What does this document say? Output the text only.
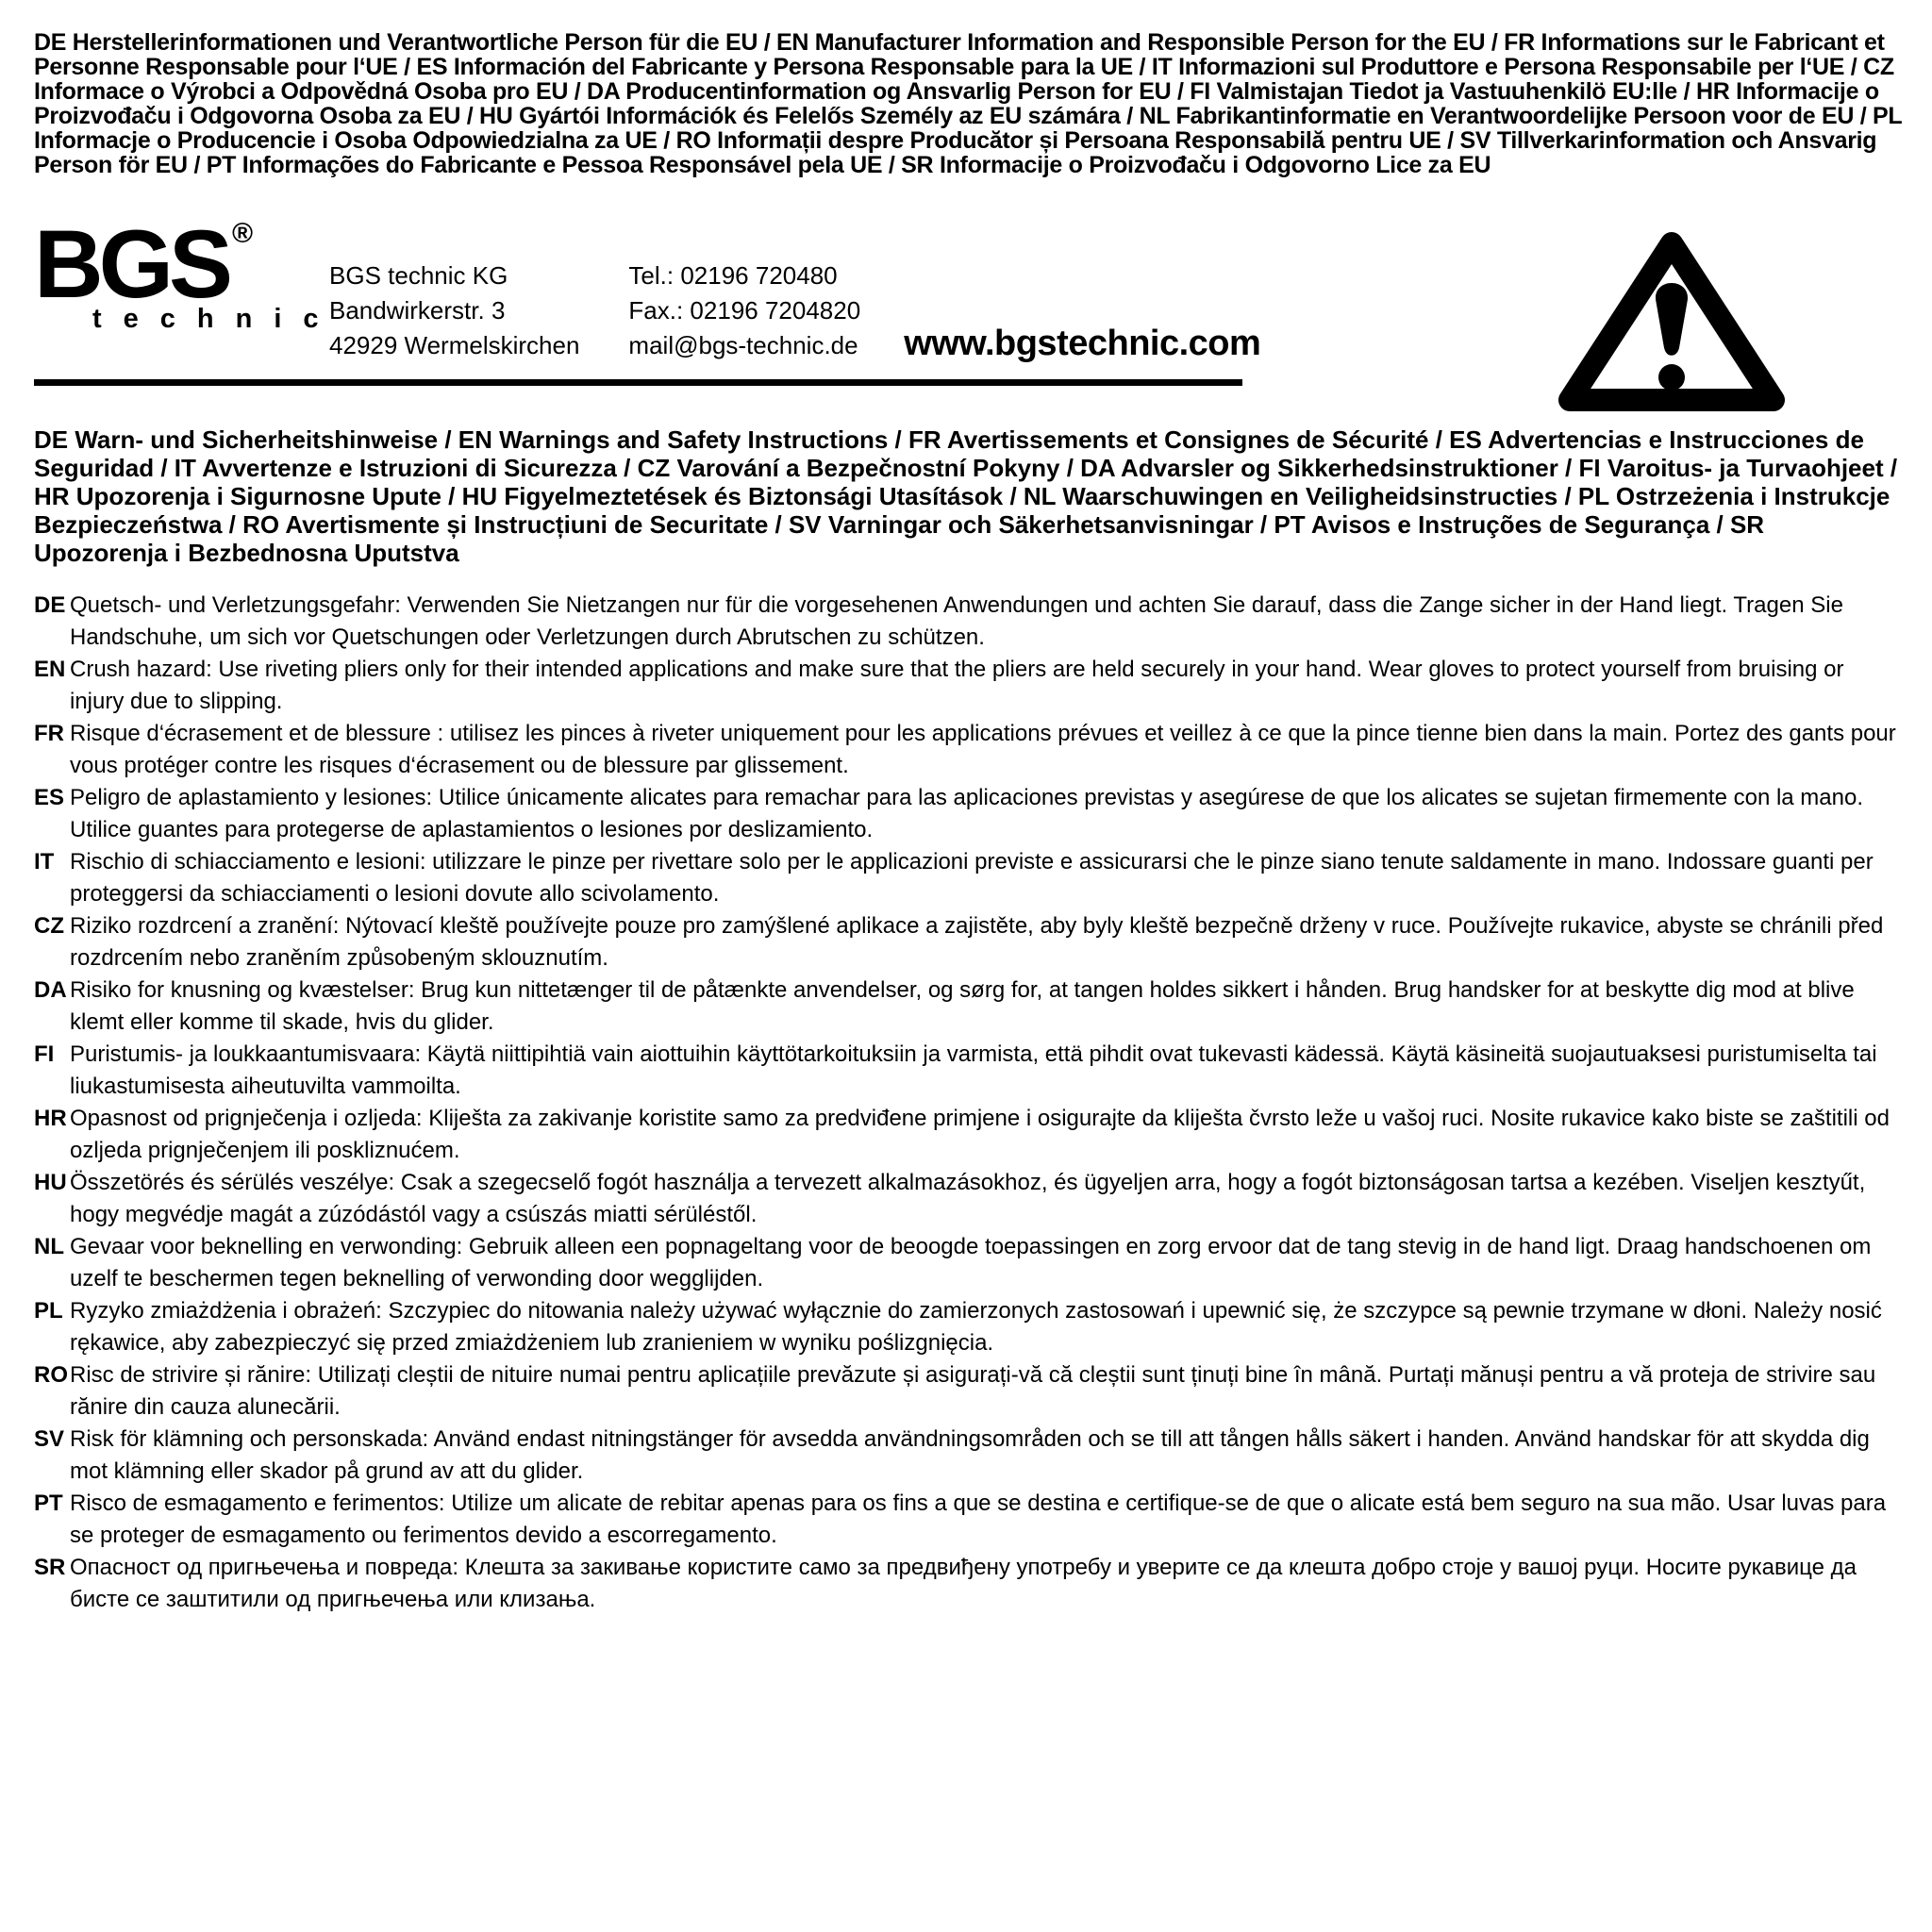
DE Herstellerinformationen und Verantwortliche Person für die EU / EN Manufacturer Information and Responsible Person for the EU / FR Informations sur le Fabricant et Personne Responsable pour l‘UE / ES Información del Fabricante y Persona Responsable para la UE / IT Informazioni sul Produttore e Persona Responsabile per l‘UE / CZ Informace o Výrobci a Odpovědná Osoba pro EU / DA Producentinformation og Ansvarlig Person for EU / FI Valmistajan Tiedot ja Vastuuhenkilö EU:lle / HR Informacije o Proizvođaču i Odgovorna Osoba za EU / HU Gyártói Információk és Felelős Személy az EU számára / NL Fabrikantinformatie en Verantwoordelijke Persoon voor de EU / PL Informacje o Producencie i Osoba Odpowiedzialna za UE / RO Informații despre Producător și Persoana Responsabilă pentru UE / SV Tillverkarinformation och Ansvarig Person för EU / PT Informações do Fabricante e Pessoa Responsável pela UE / SR Informacije o Proizvođaču i Odgovorno Lice za EU
BGS ®
technic
BGS technic KG
Bandwirkerstr. 3
42929 Wermelskirchen
Tel.: 02196 720480
Fax.: 02196 7204820
mail@bgs-technic.de www.bgstechnic.com
DE Warn- und Sicherheitshinweise / EN Warnings and Safety Instructions / FR Avertissements et Consignes de Sécurité / ES Advertencias e Instrucciones de Seguridad / IT Avvertenze e Istruzioni di Sicurezza / CZ Varování a Bezpečnostní Pokyny / DA Advarsler og Sikkerhedsinstruktioner / FI Varoitus- ja Turvaohjeet / HR Upozorenja i Sigurnosne Upute / HU Figyelmeztetések és Biztonsági Utasítások / NL Waarschuwingen en Veiligheidsinstructies / PL Ostrzeżenia i Instrukcje Bezpieczeństwa / RO Avertismente și Instrucțiuni de Securitate / SV Varningar och Säkerhetsanvisningar / PT Avisos e Instruções de Segurança / SR Upozorenja i Bezbednosna Uputstva
DE Quetsch- und Verletzungsgefahr: Verwenden Sie Nietzangen nur für die vorgesehenen Anwendungen und achten Sie darauf, dass die Zange sicher in der Hand liegt. Tragen Sie Handschuhe, um sich vor Quetschungen oder Verletzungen durch Abrutschen zu schützen.

EN Crush hazard: Use riveting pliers only for their intended applications and make sure that the pliers are held securely in your hand. Wear gloves to protect yourself from bruising or injury due to slipping.

FR Risque d‘écrasement et de blessure : utilisez les pinces à riveter uniquement pour les applications prévues et veillez à ce que la pince tienne bien dans la main. Portez des gants pour vous protéger contre les risques d‘écrasement ou de blessure par glissement.

ES Peligro de aplastamiento y lesiones: Utilice únicamente alicates para remachar para las aplicaciones previstas y asegúrese de que los alicates se sujetan firmemente con la mano. Utilice guantes para protegerse de aplastamientos o lesiones por deslizamiento.

IT Rischio di schiacciamento e lesioni: utilizzare le pinze per rivettare solo per le applicazioni previste e assicurarsi che le pinze siano tenute saldamente in mano. Indossare guanti per proteggersi da schiacciamenti o lesioni dovute allo scivolamento.

CZ Riziko rozdrcení a zranění: Nýtovací kleště používejte pouze pro zamýšlené aplikace a zajistěte, aby byly kleště bezpečně drženy v ruce. Používejte rukavice, abyste se chránili před rozdrcením nebo zraněním způsobeným sklouznutím.

DA Risiko for knusning og kvæstelser: Brug kun nittetænger til de påtænkte anvendelser, og sørg for, at tangen holdes sikkert i hånden. Brug handsker for at beskytte dig mod at blive klemt eller komme til skade, hvis du glider.

FI Puristumis- ja loukkaantumisvaara: Käytä niittipihtiä vain aiottuihin käyttötarkoituksiin ja varmista, että pihdit ovat tukevasti kädessä. Käytä käsineitä suojautuaksesi puristumiselta tai liukastumisesta aiheutuvilta vammoilta.

HR Opasnost od prignječenja i ozljeda: Kliješta za zakivanje koristite samo za predviđene primjene i osigurajte da kliješta čvrsto leže u vašoj ruci. Nosite rukavice kako biste se zaštitili od ozljeda prignječenjem ili poskliznućem.

HU Összetörés és sérülés veszélye: Csak a szegecselő fogót használja a tervezett alkalmazásokhoz, és ügyeljen arra, hogy a fogót biztonságosan tartsa a kezében. Viseljen kesztyűt, hogy megvédje magát a zúzódástól vagy a csúszás miatti sérüléstől.

NL Gevaar voor beknelling en verwonding: Gebruik alleen een popnageltang voor de beoogde toepassingen en zorg ervoor dat de tang stevig in de hand ligt. Draag handschoenen om uzelf te beschermen tegen beknelling of verwonding door wegglijden.

PL Ryzyko zmiażdżenia i obrażeń: Szczypiec do nitowania należy używać wyłącznie do zamierzonych zastosowań i upewnić się, że szczypce są pewnie trzymane w dłoni. Należy nosić rękawice, aby zabezpieczyć się przed zmiażdżeniem lub zranieniem w wyniku poślizgnięcia.

RO Risc de strivire și rănire: Utilizați cleștii de nituire numai pentru aplicațiile prevăzute și asigurați-vă că cleștii sunt ținuți bine în mână. Purtați mănuși pentru a vă proteja de strivire sau rănire din cauza alunecării.

SV Risk för klämning och personskada: Använd endast nitningstänger för avsedda användningsområden och se till att tången hålls säkert i handen. Använd handskar för att skydda dig mot klämning eller skador på grund av att du glider.

PT Risco de esmagamento e ferimentos: Utilize um alicate de rebitar apenas para os fins a que se destina e certifique-se de que o alicate está bem seguro na sua mão. Usar luvas para se proteger de esmagamento ou ferimentos devido a escorregamento.

SR Опасност од пригњечења и повреда: Клешта за закивање користите само за предвиђену употребу и уверите се да клешта добро стоје у вашој руци. Носите рукавице да бисте се заштитили од пригњечења или клизања.
